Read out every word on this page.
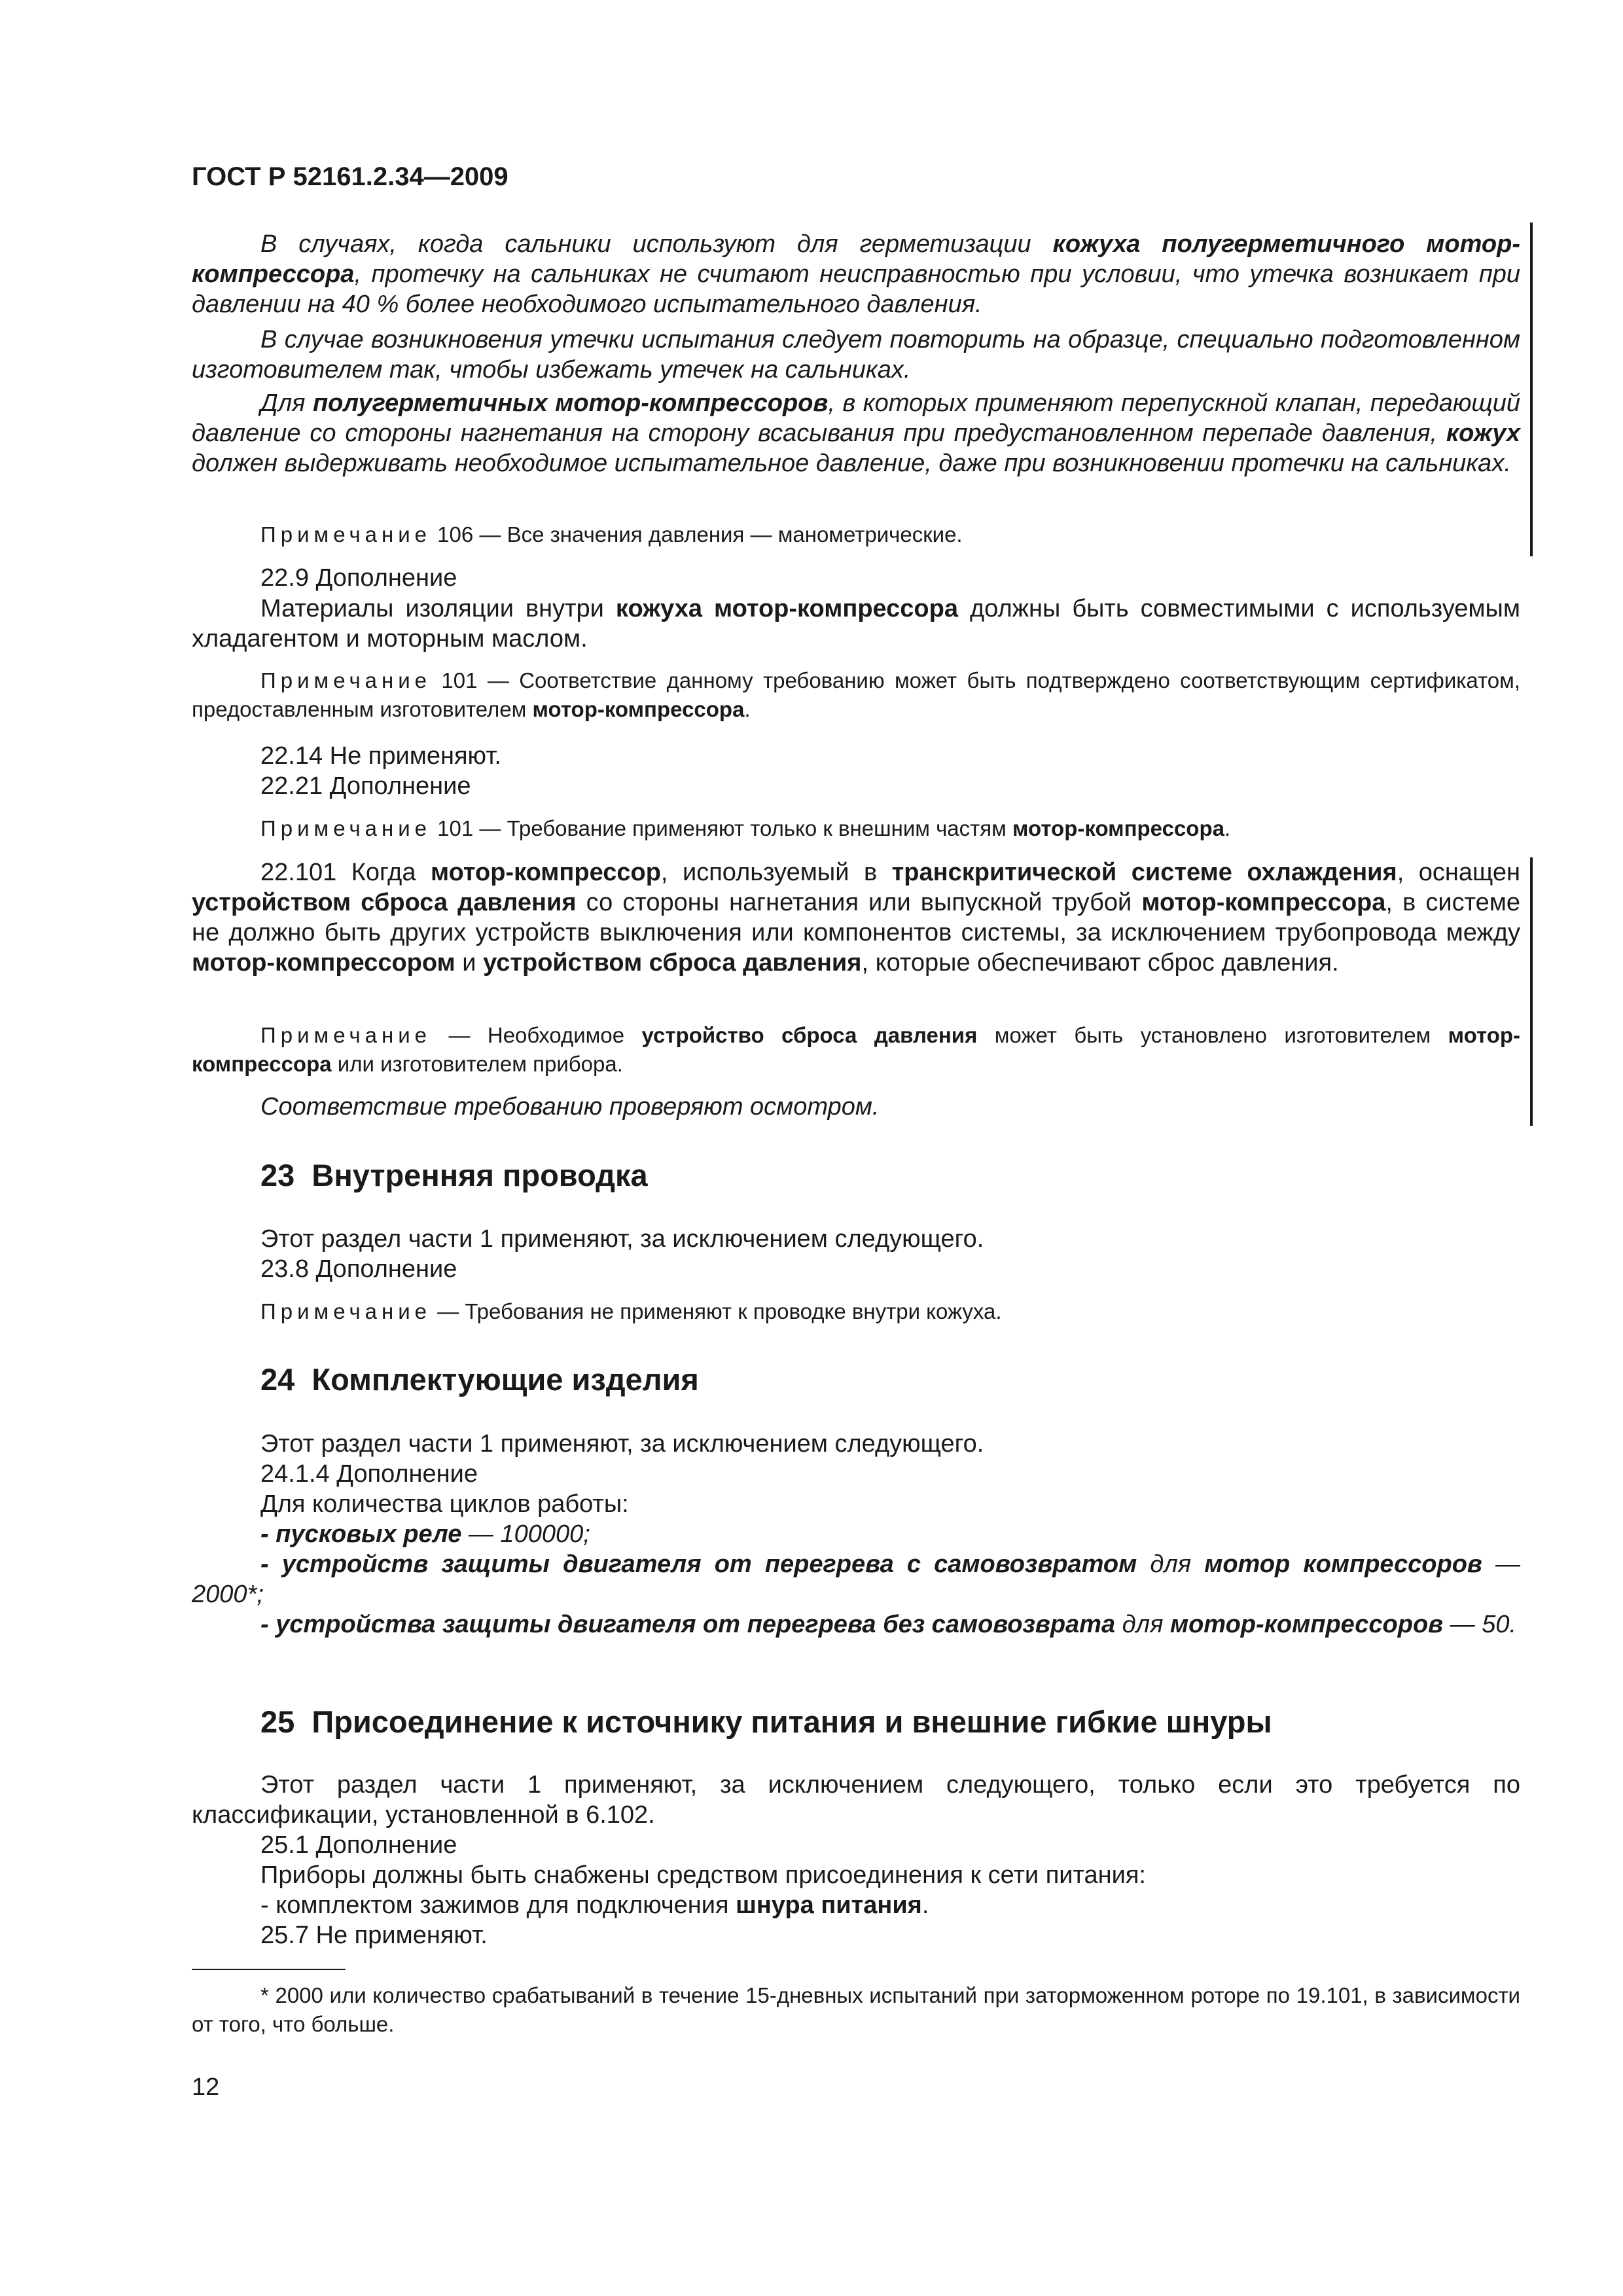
ГОСТ Р 52161.2.34—2009

В случаях, когда сальники используют для герметизации кожуха полугерметичного мотор-компрессора, протечку на сальниках не считают неисправностью при условии, что утечка возникает при давлении на 40 % более необходимого испытательного давления.

В случае возникновения утечки испытания следует повторить на образце, специально подготовленном изготовителем так, чтобы избежать утечек на сальниках.

Для полугерметичных мотор-компрессоров, в которых применяют перепускной клапан, передающий давление со стороны нагнетания на сторону всасывания при предустановленном перепаде давления, кожух должен выдерживать необходимое испытательное давление, даже при возникновении протечки на сальниках.

Примечание 106 — Все значения давления — манометрические.

22.9 Дополнение

Материалы изоляции внутри кожуха мотор-компрессора должны быть совместимыми с используемым хладагентом и моторным маслом.

Примечание 101 — Соответствие данному требованию может быть подтверждено соответствующим сертификатом, предоставленным изготовителем мотор-компрессора.

22.14 Не применяют.

22.21 Дополнение

Примечание 101 — Требование применяют только к внешним частям мотор-компрессора.

22.101 Когда мотор-компрессор, используемый в транскритической системе охлаждения, оснащен устройством сброса давления со стороны нагнетания или выпускной трубой мотор-компрессора, в системе не должно быть других устройств выключения или компонентов системы, за исключением трубопровода между мотор-компрессором и устройством сброса давления, которые обеспечивают сброс давления.

Примечание — Необходимое устройство сброса давления может быть установлено изготовителем мотор-компрессора или изготовителем прибора.

Соответствие требованию проверяют осмотром.

23 Внутренняя проводка

Этот раздел части 1 применяют, за исключением следующего.

23.8 Дополнение

Примечание — Требования не применяют к проводке внутри кожуха.

24 Комплектующие изделия

Этот раздел части 1 применяют, за исключением следующего.

24.1.4 Дополнение

Для количества циклов работы:

- пусковых реле — 100000;

- устройств защиты двигателя от перегрева с самовозвратом для мотор компрессоров — 2000*;

- устройства защиты двигателя от перегрева без самовозврата для мотор-компрессоров — 50.

25 Присоединение к источнику питания и внешние гибкие шнуры

Этот раздел части 1 применяют, за исключением следующего, только если это требуется по классификации, установленной в 6.102.

25.1 Дополнение

Приборы должны быть снабжены средством присоединения к сети питания:

- комплектом зажимов для подключения шнура питания.

25.7 Не применяют.

* 2000 или количество срабатываний в течение 15-дневных испытаний при заторможенном роторе по 19.101, в зависимости от того, что больше.

12
